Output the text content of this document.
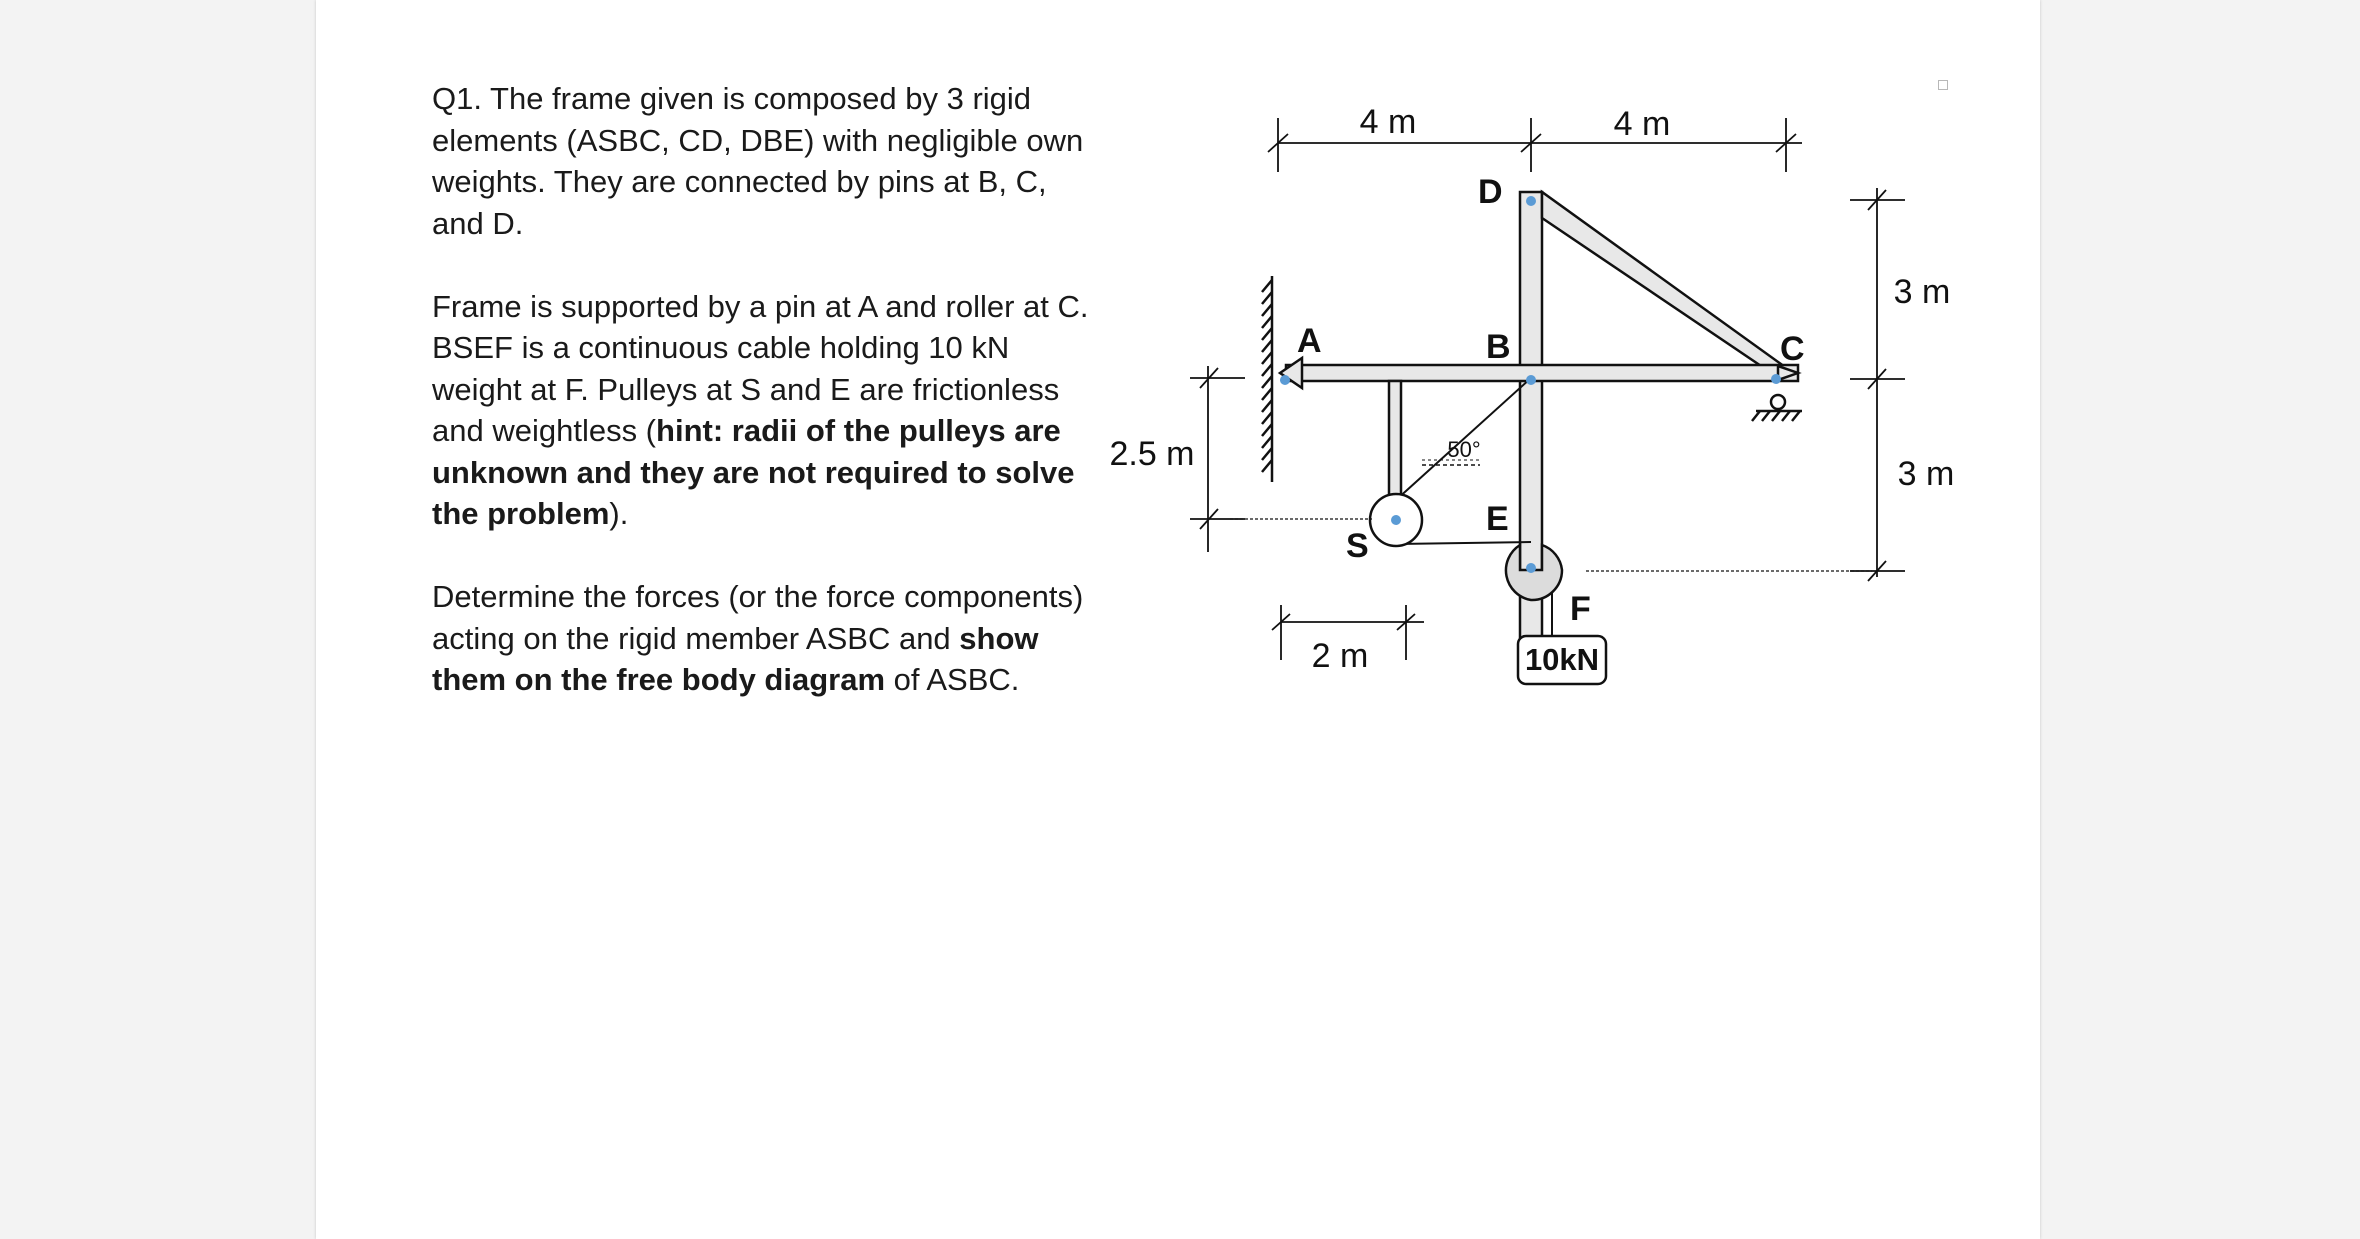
Q1. The frame given is composed by 3 rigid elements (ASBC, CD, DBE) with negligible own weights. They are connected by pins at B, C, and D.

Frame is supported by a pin at A and roller at C. BSEF is a continuous cable holding 10 kN weight at F. Pulleys at S and E are frictionless and weightless (hint: radii of the pulleys are unknown and they are not required to solve the problem).

Determine the forces (or the force components) acting on the rigid member ASBC and show them on the free body diagram of ASBC.

10kN
4 m	4 m
3 m
3 m
2.5 m
2 m
50°
A	B	C
D
E
S
F
